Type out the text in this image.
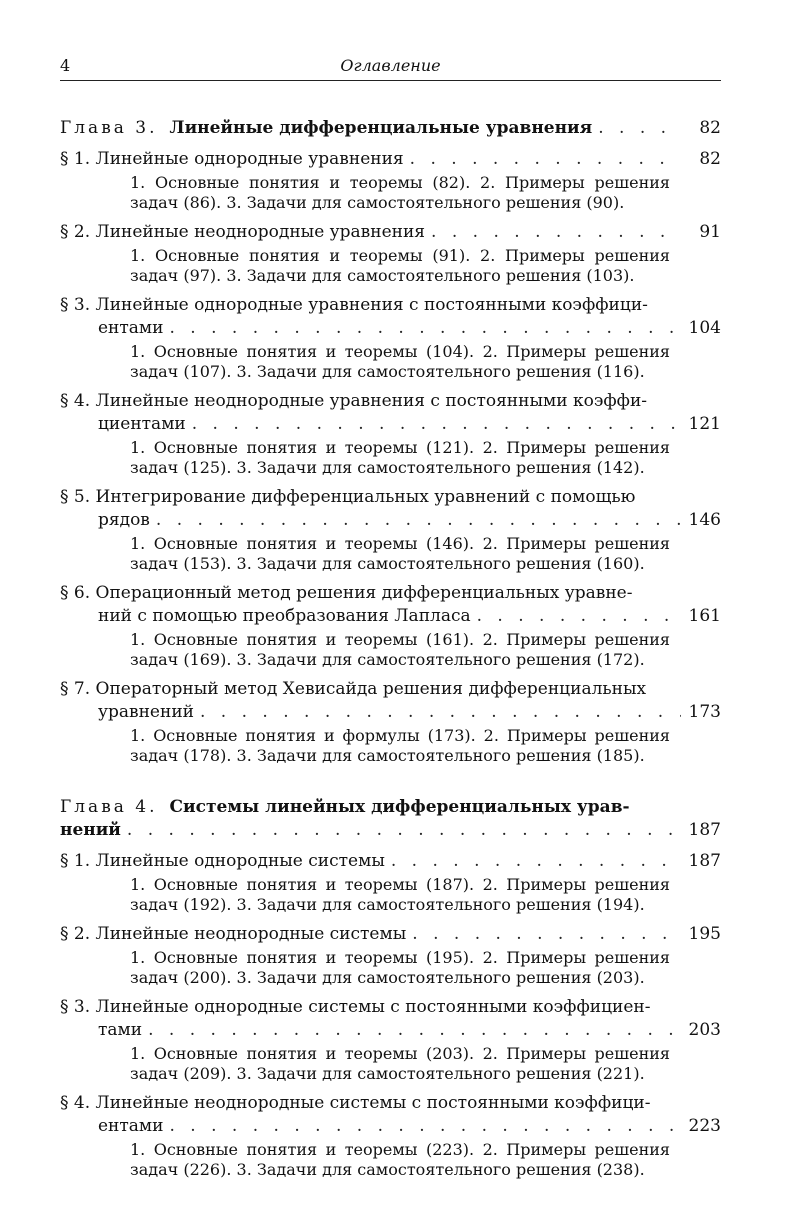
4	Оглавление
Глава 3. Линейные дифференциальные уравнения . . .	82
§ 1. Линейные однородные уравнения . . .	82
1. Основные понятия и теоремы (82). 2. Примеры решения
задач (86). 3. Задачи для самостоятельного решения (90).
§ 2. Линейные неоднородные уравнения . . .	91
1. Основные понятия и теоремы (91). 2. Примеры решения
задач (97). 3. Задачи для самостоятельного решения (103).
§ 3. Линейные однородные уравнения с постоянными коэффици-
ентами . . .	104
1. Основные понятия и теоремы (104). 2. Примеры решения
задач (107). 3. Задачи для самостоятельного решения (116).
§ 4. Линейные неоднородные уравнения с постоянными коэффи-
циентами . . .	121
1. Основные понятия и теоремы (121). 2. Примеры решения
задач (125). 3. Задачи для самостоятельного решения (142).
§ 5. Интегрирование дифференциальных уравнений с помощью
рядов . . .	146
1. Основные понятия и теоремы (146). 2. Примеры решения
задач (153). 3. Задачи для самостоятельного решения (160).
§ 6. Операционный метод решения дифференциальных уравне-
ний с помощью преобразования Лапласа . . .	161
1. Основные понятия и теоремы (161). 2. Примеры решения
задач (169). 3. Задачи для самостоятельного решения (172).
§ 7. Операторный метод Хевисайда решения дифференциальных
уравнений . . .	173
1. Основные понятия и формулы (173). 2. Примеры решения
задач (178). 3. Задачи для самостоятельного решения (185).
Глава 4. Системы линейных дифференциальных урав-
нений . . .	187
§ 1. Линейные однородные системы . . .	187
1. Основные понятия и теоремы (187). 2. Примеры решения
задач (192). 3. Задачи для самостоятельного решения (194).
§ 2. Линейные неоднородные системы . . .	195
1. Основные понятия и теоремы (195). 2. Примеры решения
задач (200). 3. Задачи для самостоятельного решения (203).
§ 3. Линейные однородные системы с постоянными коэффициен-
тами . . .	203
1. Основные понятия и теоремы (203). 2. Примеры решения
задач (209). 3. Задачи для самостоятельного решения (221).
§ 4. Линейные неоднородные системы с постоянными коэффици-
ентами . . .	223
1. Основные понятия и теоремы (223). 2. Примеры решения
задач (226). 3. Задачи для самостоятельного решения (238).
